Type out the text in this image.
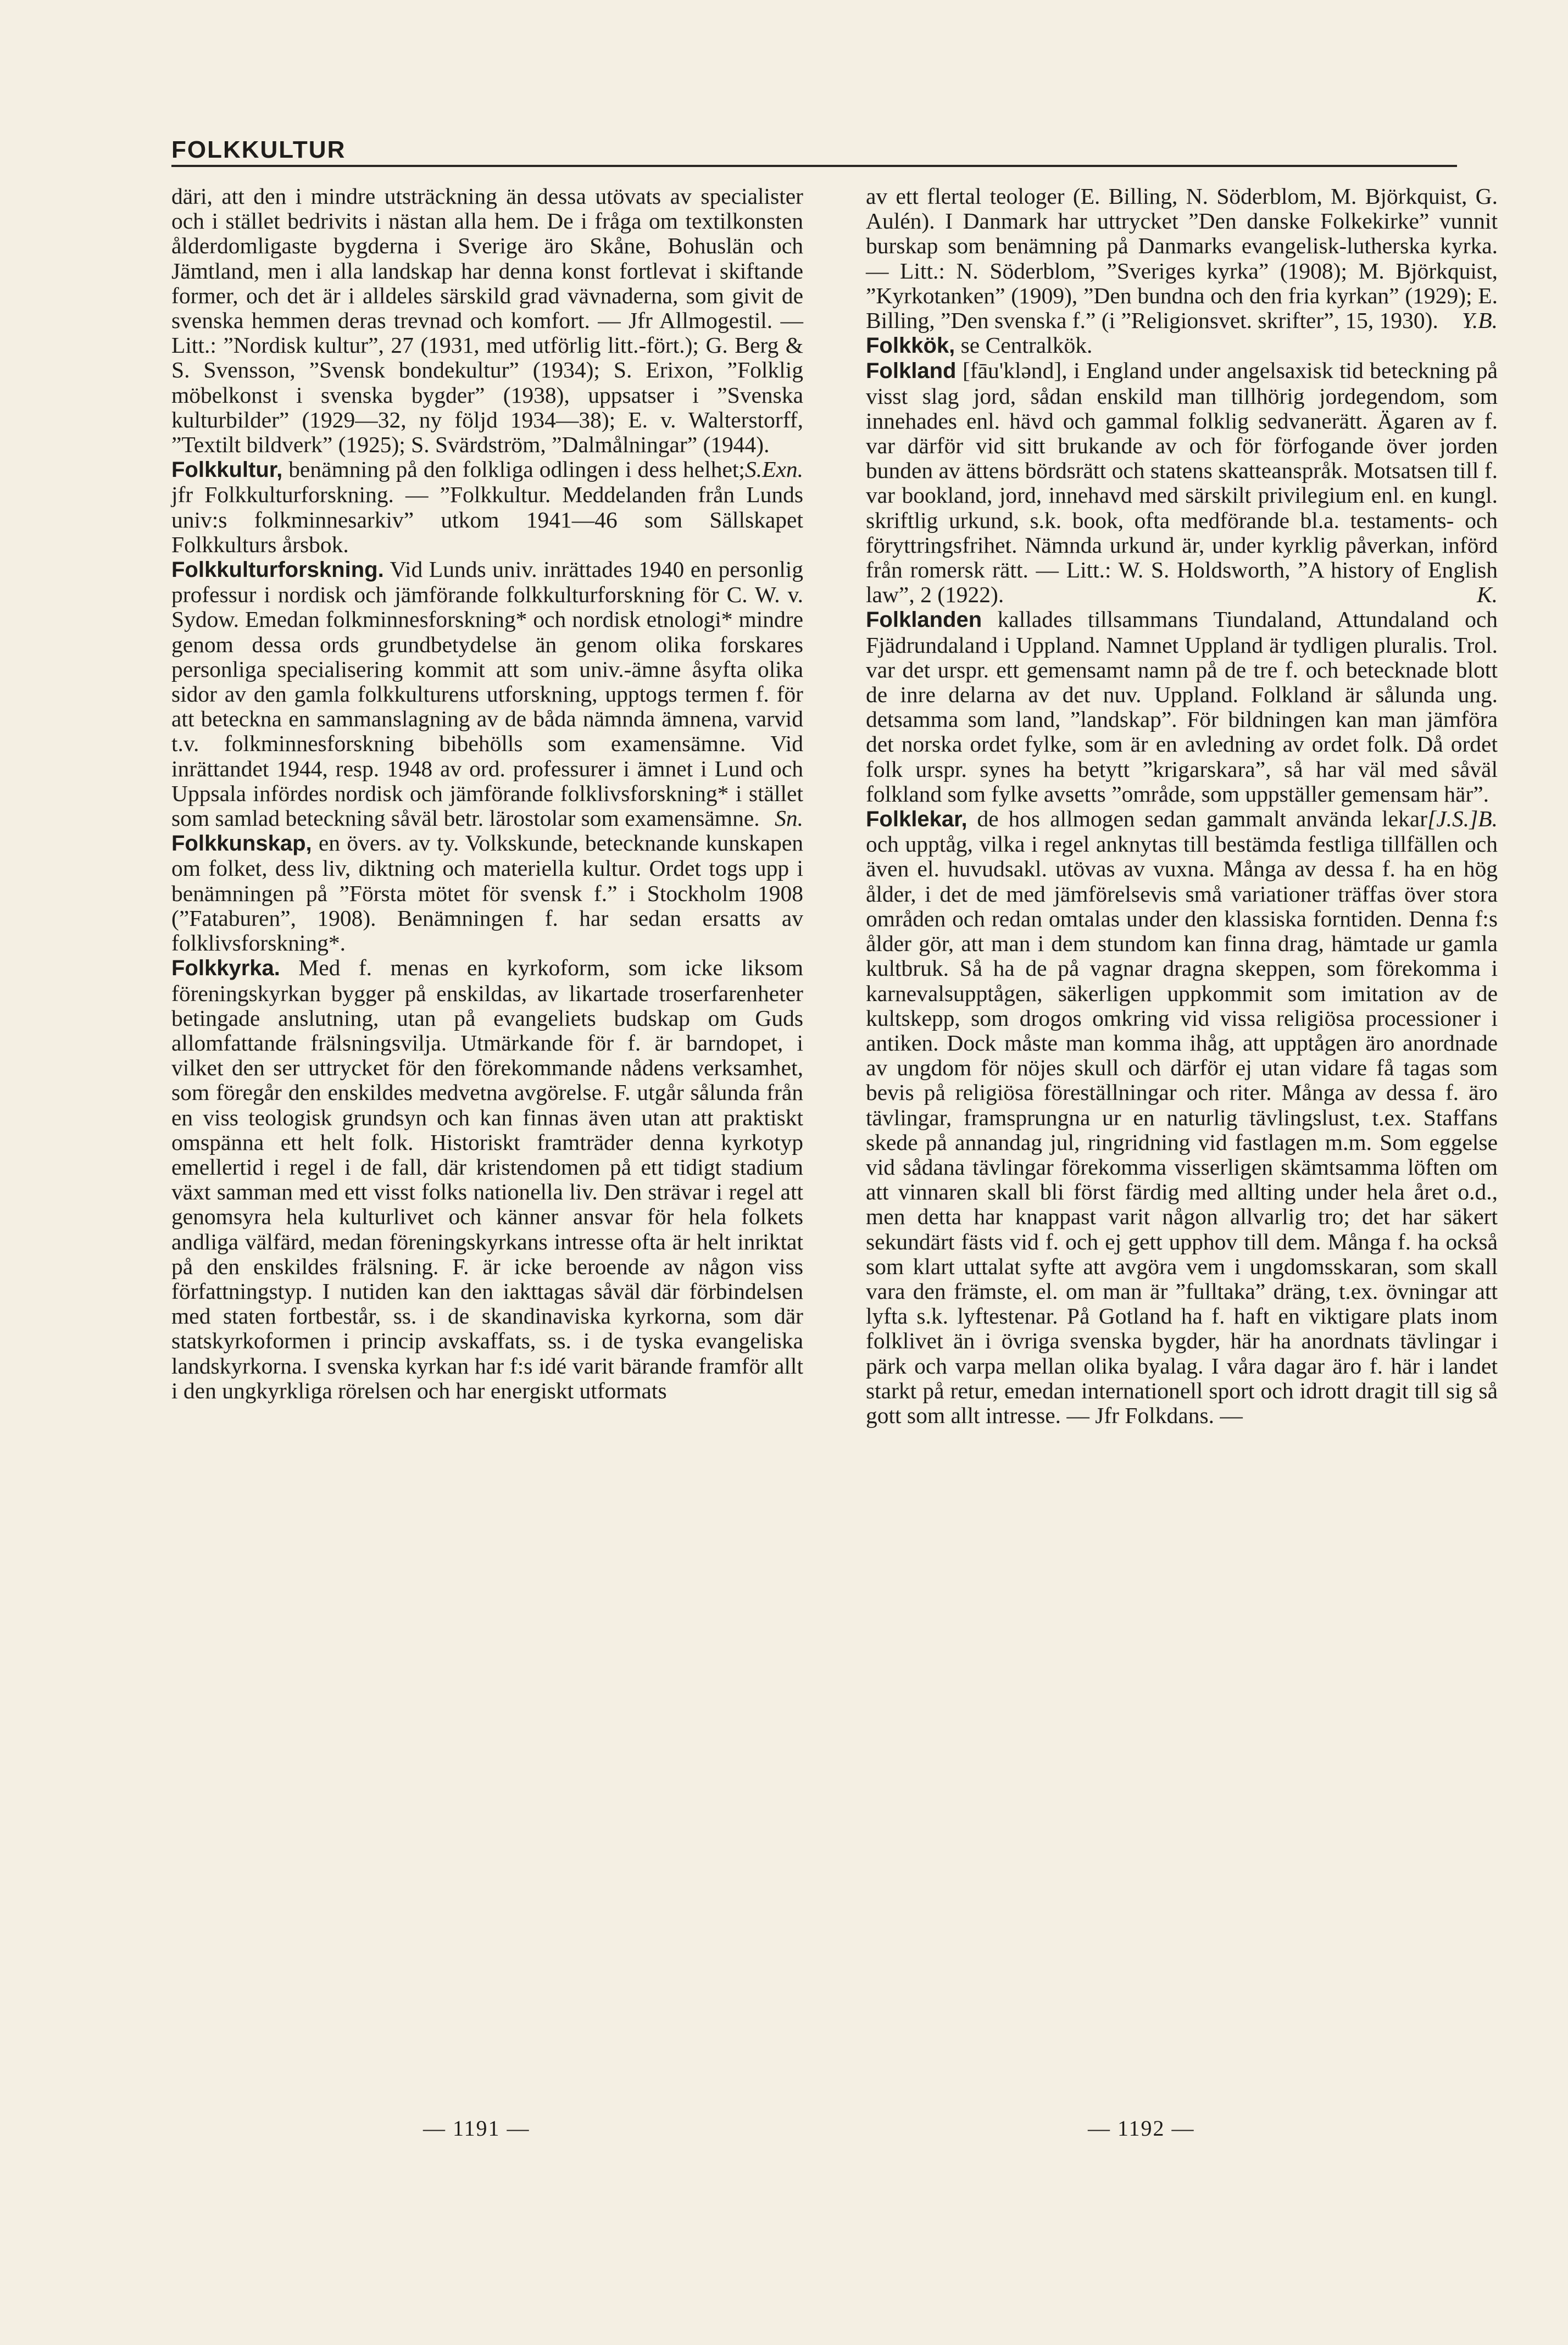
FOLKKULTUR

däri, att den i mindre utsträckning än dessa utövats av specialister och i stället bedrivits i nästan alla hem. De i fråga om textilkonsten ålderdomligaste bygderna i Sverige äro Skåne, Bohuslän och Jämtland, men i alla landskap har denna konst fortlevat i skiftande former, och det är i alldeles särskild grad vävnaderna, som givit de svenska hemmen deras trevnad och komfort. — Jfr Allmogestil. — Litt.: ”Nordisk kultur”, 27 (1931, med utförlig litt.-fört.); G. Berg & S. Svensson, ”Svensk bondekultur” (1934); S. Erixon, ”Folklig möbelkonst i svenska bygder” (1938), uppsatser i ”Svenska kulturbilder” (1929—32, ny följd 1934—38); E. v. Walterstorff, ”Textilt bildverk” (1925); S. Svärdström, ”Dalmålningar” (1944).
S.Exn.

Folkkultur, benämning på den folkliga odlingen i dess helhet; jfr Folkkulturforskning. — ”Folkkultur. Meddelanden från Lunds univ:s folkminnesarkiv” utkom 1941—46 som Sällskapet Folkkulturs årsbok.

Folkkulturforskning. Vid Lunds univ. inrättades 1940 en personlig professur i nordisk och jämförande folkkulturforskning för C. W. v. Sydow. Emedan folkminnesforskning* och nordisk etnologi* mindre genom dessa ords grundbetydelse än genom olika forskares personliga specialisering kommit att som univ.-ämne åsyfta olika sidor av den gamla folkkulturens utforskning, upptogs termen f. för att beteckna en sammanslagning av de båda nämnda ämnena, varvid t.v. folkminnesforskning bibehölls som examensämne. Vid inrättandet 1944, resp. 1948 av ord. professurer i ämnet i Lund och Uppsala infördes nordisk och jämförande folklivsforskning* i stället som samlad beteckning såväl betr. lärostolar som examensämne. Sn.

Folkkunskap, en övers. av ty. Volkskunde, betecknande kunskapen om folket, dess liv, diktning och materiella kultur. Ordet togs upp i benämningen på ”Första mötet för svensk f.” i Stockholm 1908 (”Fataburen”, 1908). Benämningen f. har sedan ersatts av folklivsforskning*.

Folkkyrka. Med f. menas en kyrkoform, som icke liksom föreningskyrkan bygger på enskildas, av likartade troserfarenheter betingade anslutning, utan på evangeliets budskap om Guds allomfattande frälsningsvilja. Utmärkande för f. är barndopet, i vilket den ser uttrycket för den förekommande nådens verksamhet, som föregår den enskildes medvetna avgörelse. F. utgår sålunda från en viss teologisk grundsyn och kan finnas även utan att praktiskt omspänna ett helt folk. Historiskt framträder denna kyrkotyp emellertid i regel i de fall, där kristendomen på ett tidigt stadium växt samman med ett visst folks nationella liv. Den strävar i regel att genomsyra hela kulturlivet och känner ansvar för hela folkets andliga välfärd, medan föreningskyrkans intresse ofta är helt inriktat på den enskildes frälsning. F. är icke beroende av någon viss författningstyp. I nutiden kan den iakttagas såväl där förbindelsen med staten fortbestår, ss. i de skandinaviska kyrkorna, som där statskyrkoformen i princip avskaffats, ss. i de tyska evangeliska landskyrkorna. I svenska kyrkan har f:s idé varit bärande framför allt i den ungkyrkliga rörelsen och har energiskt utformats

av ett flertal teologer (E. Billing, N. Söderblom, M. Björkquist, G. Aulén). I Danmark har uttrycket ”Den danske Folkekirke” vunnit burskap som benämning på Danmarks evangelisk-lutherska kyrka. — Litt.: N. Söderblom, ”Sveriges kyrka” (1908); M. Björkquist, ”Kyrkotanken” (1909), ”Den bundna och den fria kyrkan” (1929); E. Billing, ”Den svenska f.” (i ”Religionsvet. skrifter”, 15, 1930). Y.B.

Folkkök, se Centralkök.

Folkland [fāu'klənd], i England under angelsaxisk tid beteckning på visst slag jord, sådan enskild man tillhörig jordegendom, som innehades enl. hävd och gammal folklig sedvanerätt. Ägaren av f. var därför vid sitt brukande av och för förfogande över jorden bunden av ättens bördsrätt och statens skatteanspråk. Motsatsen till f. var bookland, jord, innehavd med särskilt privilegium enl. en kungl. skriftlig urkund, s.k. book, ofta medförande bl.a. testaments- och föryttringsfrihet. Nämnda urkund är, under kyrklig påverkan, införd från romersk rätt. — Litt.: W. S. Holdsworth, ”A history of English law”, 2 (1922).	K.

Folklanden kallades tillsammans Tiundaland, Attundaland och Fjädrundaland i Uppland. Namnet Uppland är tydligen pluralis. Trol. var det urspr. ett gemensamt namn på de tre f. och betecknade blott de inre delarna av det nuv. Uppland. Folkland är sålunda ung. detsamma som land, ”landskap”. För bildningen kan man jämföra det norska ordet fylke, som är en avledning av ordet folk. Då ordet folk urspr. synes ha betytt ”krigarskara”, så har väl med såväl folkland som fylke avsetts ”område, som uppställer gemensam här”.
[J.S.]B.

Folklekar, de hos allmogen sedan gammalt använda lekar och upptåg, vilka i regel anknytas till bestämda festliga tillfällen och även el. huvudsakl. utövas av vuxna. Många av dessa f. ha en hög ålder, i det de med jämförelsevis små variationer träffas över stora områden och redan omtalas under den klassiska forntiden. Denna f:s ålder gör, att man i dem stundom kan finna drag, hämtade ur gamla kultbruk. Så ha de på vagnar dragna skeppen, som förekomma i karnevalsupptågen, säkerligen uppkommit som imitation av de kultskepp, som drogos omkring vid vissa religiösa processioner i antiken. Dock måste man komma ihåg, att upptågen äro anordnade av ungdom för nöjes skull och därför ej utan vidare få tagas som bevis på religiösa föreställningar och riter. Många av dessa f. äro tävlingar, framsprungna ur en naturlig tävlingslust, t.ex. Staffans skede på annandag jul, ringridning vid fastlagen m.m. Som eggelse vid sådana tävlingar förekomma visserligen skämtsamma löften om att vinnaren skall bli först färdig med allting under hela året o.d., men detta har knappast varit någon allvarlig tro; det har säkert sekundärt fästs vid f. och ej gett upphov till dem. Många f. ha också som klart uttalat syfte att avgöra vem i ungdomsskaran, som skall vara den främste, el. om man är ”fulltaka” dräng, t.ex. övningar att lyfta s.k. lyftestenar. På Gotland ha f. haft en viktigare plats inom folklivet än i övriga svenska bygder, här ha anordnats tävlingar i pärk och varpa mellan olika byalag. I våra dagar äro f. här i landet starkt på retur, emedan internationell sport och idrott dragit till sig så gott som allt intresse. — Jfr Folkdans. —

— 1191 —	— 1192 —
